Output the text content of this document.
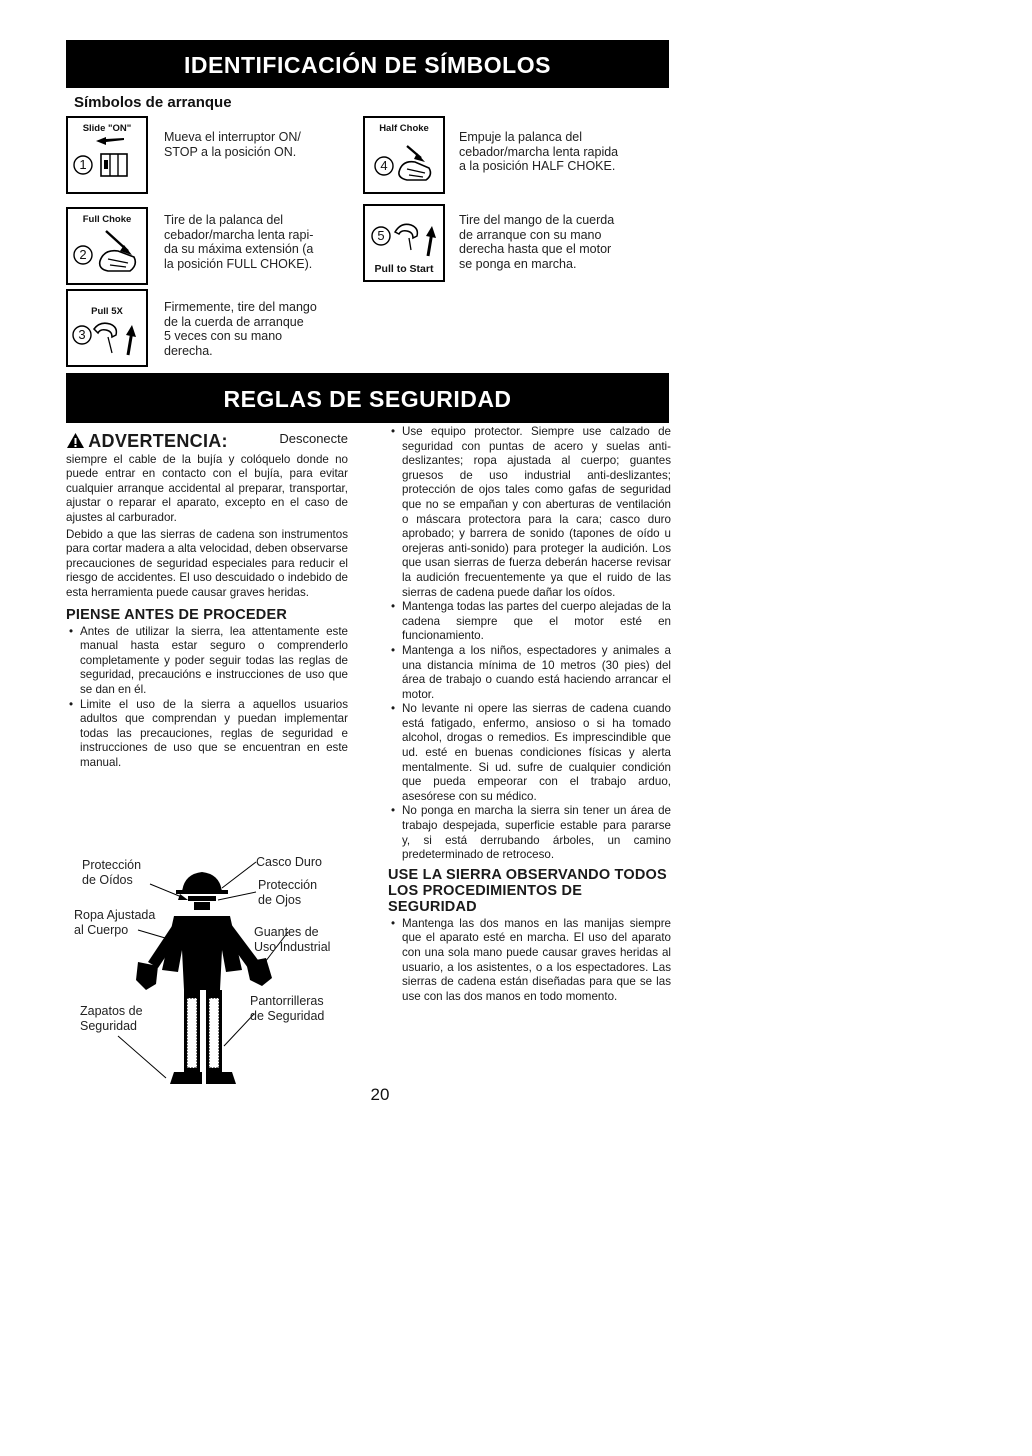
IDENTIFICACIÓN DE SÍMBOLOS
Símbolos de arranque
Slide "ON"
1
Mueva el interruptor ON/
STOP a la posición ON.
Full Choke
2
Tire de la palanca del
cebador/marcha lenta rapi-
da su máxima extensión (a
la posición FULL CHOKE).
Pull 5X
3
Firmemente, tire del mango
de la cuerda de arranque
5 veces con su mano
derecha.
Half Choke
4
Empuje la palanca del
cebador/marcha lenta rapida
a la posición HALF CHOKE.
5
Pull to Start
Tire del mango de la cuerda
de arranque con su mano
derecha hasta que el motor
se ponga en marcha.
REGLAS DE SEGURIDAD
ADVERTENCIA:	Desconecte

siempre el cable de la bujía y colóquelo donde no puede entrar en contacto con el bujía, para evitar cualquier arranque accidental al preparar, transportar, ajustar o reparar el aparato, excepto en el caso de ajustes al carburador.

Debido a que las sierras de cadena son instrumentos para cortar madera a alta velocidad, deben observarse precauciones de seguridad especiales para reducir el riesgo de accidentes. El uso descuidado o indebido de esta herramienta puede causar graves heridas.

PIENSE ANTES DE PROCEDER
• Antes de utilizar la sierra, lea attentamente este manual hasta estar seguro o comprenderlo completamente y poder seguir todas las reglas de seguridad, precaucións e instrucciones de uso que se dan en él.
• Limite el uso de la sierra a aquellos usuarios adultos que comprendan y puedan implementar todas las precauciones, reglas de seguridad e instrucciones de uso que se encuentran en este manual.
Protección
de Oídos
Casco Duro
Protección
de Ojos
Ropa Ajustada
al Cuerpo	Guantes de
Uso Industrial
Zapatos de
Seguridad
Pantorrilleras
de Seguridad
• Use equipo protector. Siempre use calzado de seguridad con puntas de acero y suelas anti-deslizantes; ropa ajustada al cuerpo; guantes gruesos de uso industrial anti-deslizantes; protección de ojos tales como gafas de seguridad que no se empañan y con aberturas de ventilación o máscara protectora para la cara; casco duro aprobado; y barrera de sonido (tapones de oído u orejeras anti-sonido) para proteger la audición. Los que usan sierras de fuerza deberán hacerse revisar la audición frecuentemente ya que el ruido de las sierras de cadena puede dañar los oídos.
• Mantenga todas las partes del cuerpo alejadas de la cadena siempre que el motor esté en funcionamiento.
• Mantenga a los niños, espectadores y animales a una distancia mínima de 10 metros (30 pies) del área de trabajo o cuando está haciendo arrancar el motor.
• No levante ni opere las sierras de cadena cuando está fatigado, enfermo, ansioso o si ha tomado alcohol, drogas o remedios. Es imprescindible que ud. esté en buenas condiciones físicas y alerta mentalmente. Si ud. sufre de cualquier condición que pueda empeorar con el trabajo arduo, asesórese con su médico.
• No ponga en marcha la sierra sin tener un área de trabajo despejada, superficie estable para pararse y, si está derrubando árboles, un camino predeterminado de retroceso.
USE LA SIERRA OBSERVANDO TODOS LOS PROCEDIMIENTOS DE SEGURIDAD
• Mantenga las dos manos en las manijas siempre que el aparato esté en marcha. El uso del aparato con una sola mano puede causar graves heridas al usuario, a los asistentes, o a los espectadores. Las sierras de cadena están diseñadas para que se las use con las dos manos en todo momento.
20
